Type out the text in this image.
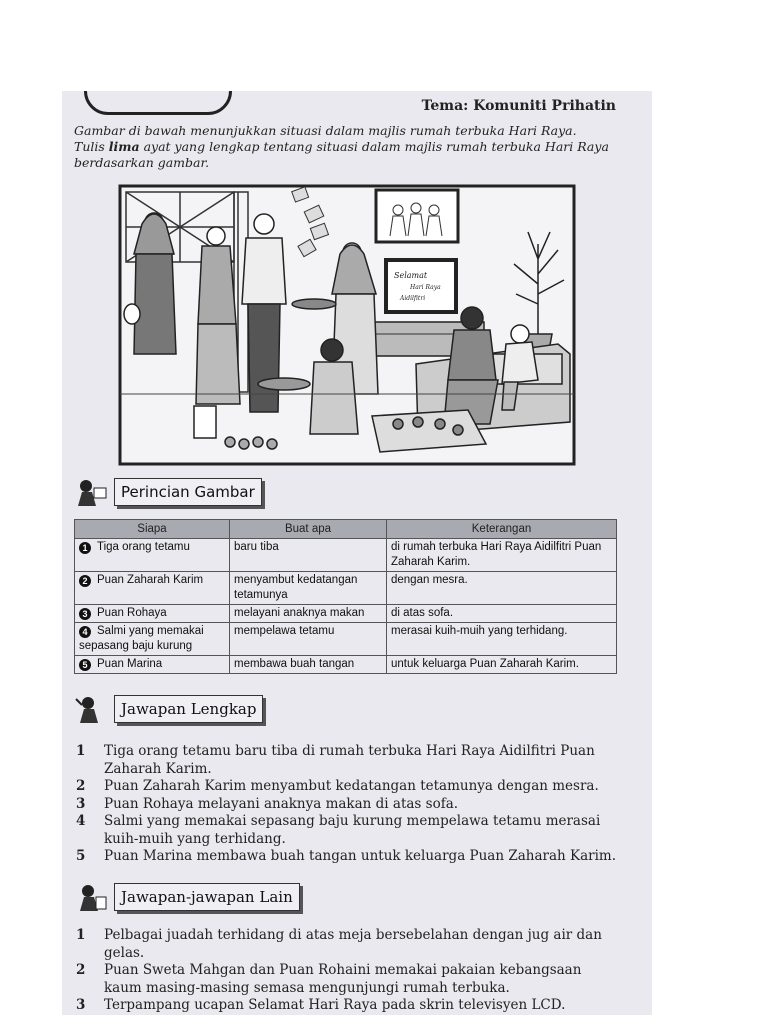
Tema: Komuniti Prihatin

Gambar di bawah menunjukkan situasi dalam majlis rumah terbuka Hari Raya.

Tulis lima ayat yang lengkap tentang situasi dalam majlis rumah terbuka Hari Raya berdasarkan gambar.

Selamat
Hari Raya
Aidilfitri
Perincian Gambar
Siapa	Buat apa	Keterangan
1 Tiga orang tetamu	baru tiba	di rumah terbuka Hari Raya Aidilfitri Puan Zaharah Karim.
2 Puan Zaharah Karim	menyambut kedatangan tetamunya	dengan mesra.
3 Puan Rohaya	melayani anaknya makan	di atas sofa.
4 Salmi yang memakai sepasang baju kurung	mempelawa tetamu	merasai kuih-muih yang terhidang.
5 Puan Marina	membawa buah tangan	untuk keluarga Puan Zaharah Karim.
Jawapan Lengkap
1 Tiga orang tetamu baru tiba di rumah terbuka Hari Raya Aidilfitri Puan Zaharah Karim.
2 Puan Zaharah Karim menyambut kedatangan tetamunya dengan mesra.
3 Puan Rohaya melayani anaknya makan di atas sofa.
4 Salmi yang memakai sepasang baju kurung mempelawa tetamu merasai kuih-muih yang terhidang.
5 Puan Marina membawa buah tangan untuk keluarga Puan Zaharah Karim.
Jawapan-jawapan Lain
1 Pelbagai juadah terhidang di atas meja bersebelahan dengan jug air dan gelas.
2 Puan Sweta Mahgan dan Puan Rohaini memakai pakaian kebangsaan kaum masing-masing semasa mengunjungi rumah terbuka.
3 Terpampang ucapan Selamat Hari Raya pada skrin televisyen LCD.
